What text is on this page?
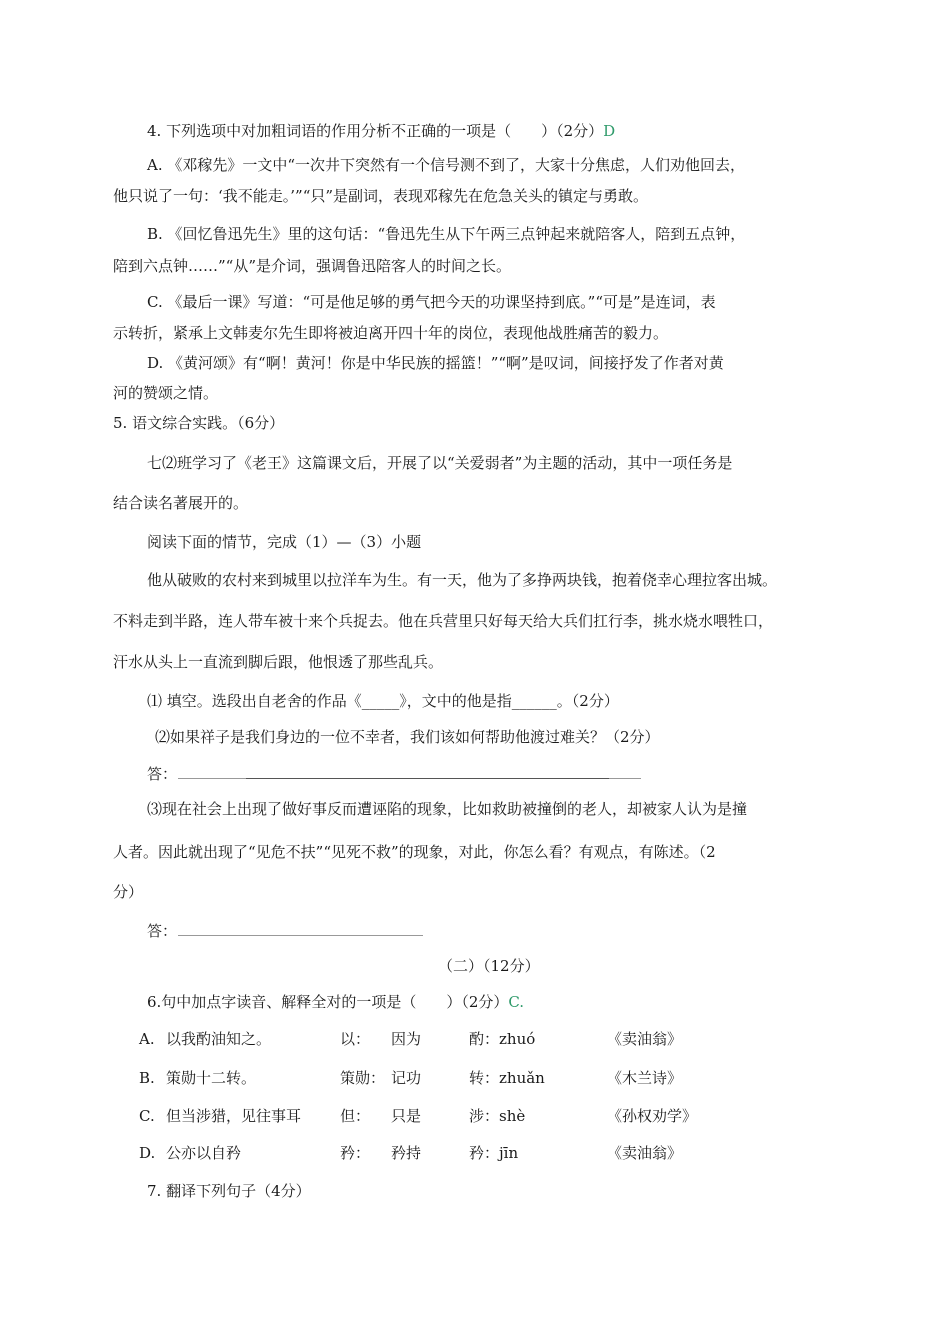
4. 下列选项中对加粗词语的作用分析不正确的一项是（　　）（2分）D
A. 《邓稼先》一文中“一次井下突然有一个信号测不到了，大家十分焦虑，人们劝他回去，
他只说了一句：‘我不能走。’”“只”是副词，表现邓稼先在危急关头的镇定与勇敢。
B. 《回忆鲁迅先生》里的这句话：“鲁迅先生从下午两三点钟起来就陪客人，陪到五点钟，
陪到六点钟……”“从”是介词，强调鲁迅陪客人的时间之长。
C. 《最后一课》写道：“可是他足够的勇气把今天的功课坚持到底。”“可是”是连词，表
示转折，紧承上文韩麦尔先生即将被迫离开四十年的岗位，表现他战胜痛苦的毅力。
D. 《黄河颂》有“啊！黄河！你是中华民族的摇篮！”“啊”是叹词，间接抒发了作者对黄
河的赞颂之情。
5. 语文综合实践。（6分）
七⑵班学习了《老王》这篇课文后，开展了以“关爱弱者”为主题的活动，其中一项任务是
结合读名著展开的。
阅读下面的情节，完成（1）—（3）小题
他从破败的农村来到城里以拉洋车为生。有一天，他为了多挣两块钱，抱着侥幸心理拉客出城。
不料走到半路，连人带车被十来个兵捉去。他在兵营里只好每天给大兵们扛行李，挑水烧水喂牲口，
汗水从头上一直流到脚后跟，他恨透了那些乱兵。
⑴ 填空。选段出自老舍的作品《_____》，文中的他是指______。（2分）
⑵如果祥子是我们身边的一位不幸者，我们该如何帮助他渡过难关？（2分）
答：
⑶现在社会上出现了做好事反而遭诬陷的现象，比如救助被撞倒的老人，却被家人认为是撞
人者。因此就出现了“见危不扶”“见死不救”的现象，对此，你怎么看？有观点，有陈述。（2
分）
答：
（二）（12分）
6.句中加点字读音、解释全对的一项是（　　）（2分）C.
A. 以我酌油知之。	以： 因为	酌：zhuó	《卖油翁》
B. 策勋十二转。	策勋： 记功	转：zhuǎn	《木兰诗》
C. 但当涉猎，见往事耳	但： 只是	涉：shè	《孙权劝学》
D. 公亦以自矜	矜： 矜持	矜：jīn	《卖油翁》
7. 翻译下列句子（4分）
